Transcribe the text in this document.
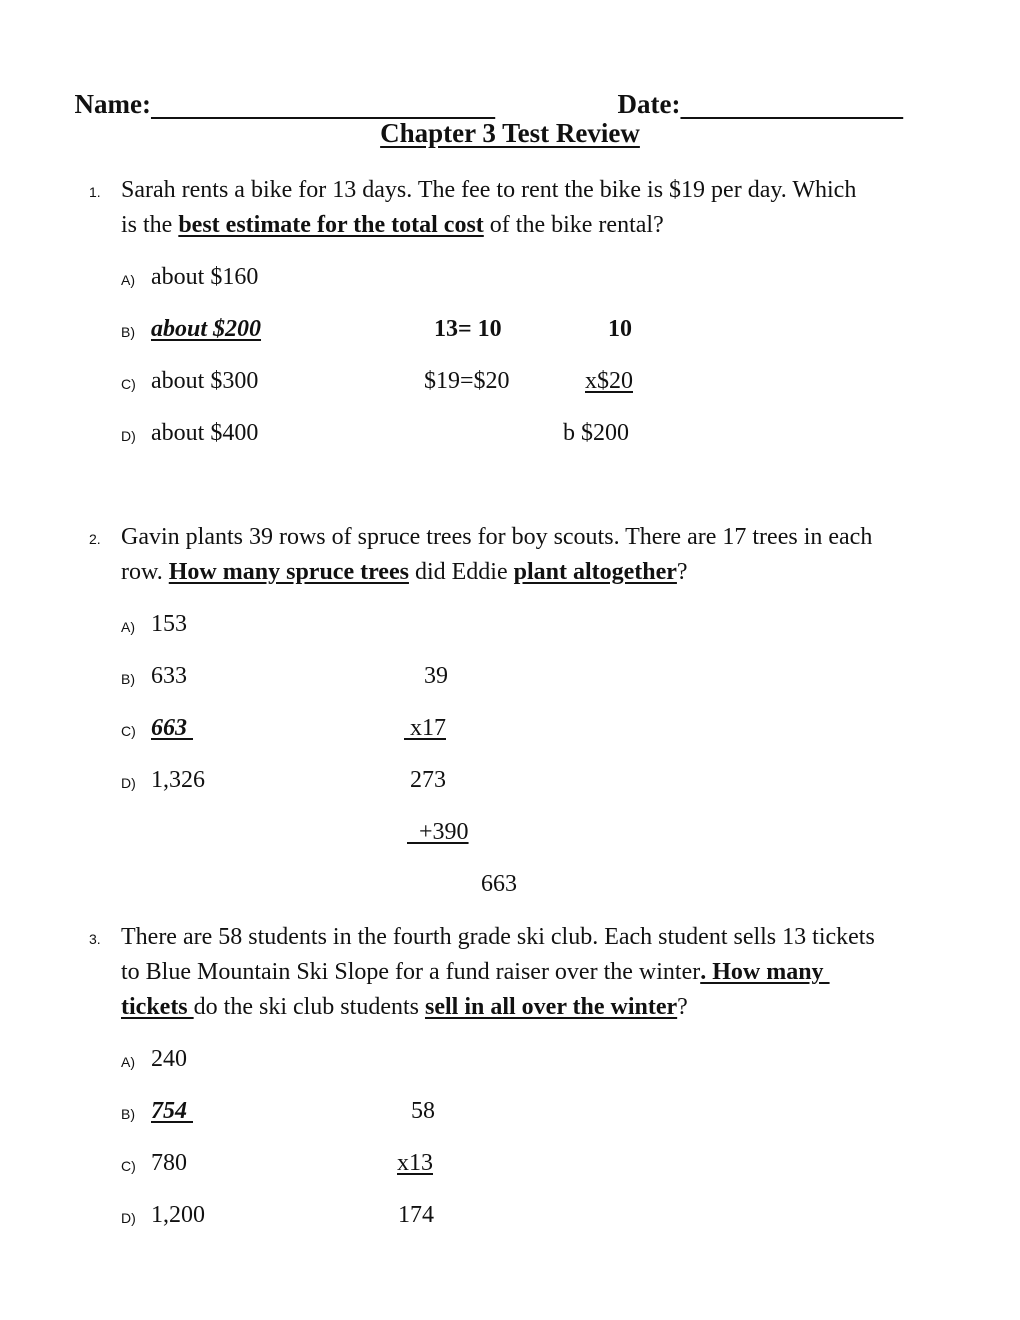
Name:	Date:

Chapter 3 Test Review
1. Sarah rents a bike for 13 days. The fee to rent the bike is $19 per day. Which
is the best estimate for the total cost of the bike rental?
A) about $160
B) about $200
C) about $300
D) about $400
13= 10	10
$19=$20	x$20
b $200
2. Gavin plants 39 rows of spruce trees for boy scouts. There are 17 trees in each
row. How many spruce trees did Eddie plant altogether?
A) 153
B) 633
C) 663
D) 1,326
39
x17
273
+390
663
3. There are 58 students in the fourth grade ski club. Each student sells 13 tickets
to Blue Mountain Ski Slope for a fund raiser over the winter. How many
tickets do the ski club students sell in all over the winter?
A) 240
B) 754
C) 780
D) 1,200
58
x13
174
